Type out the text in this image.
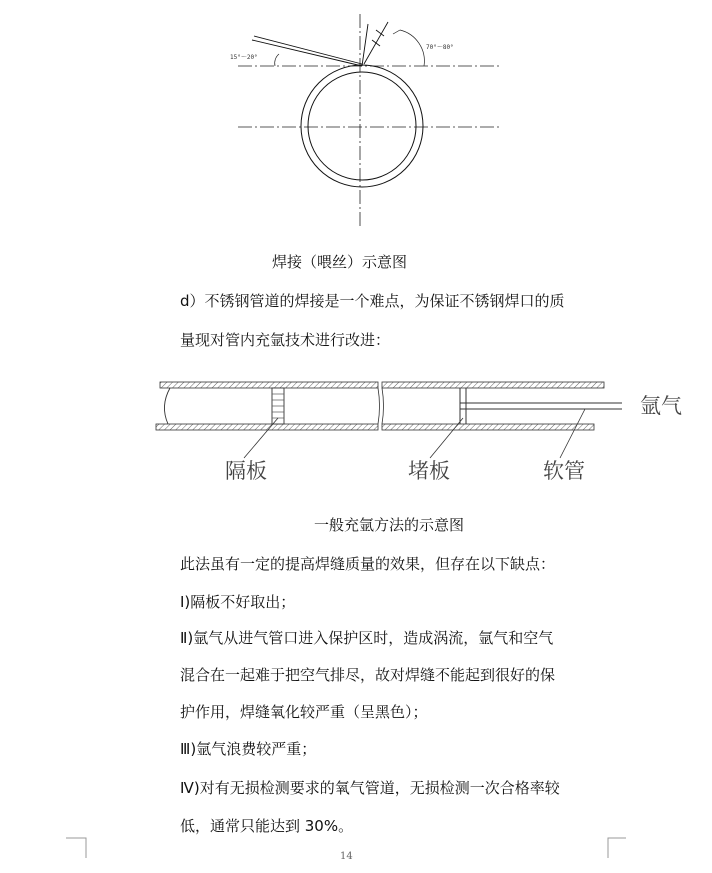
15°～20°
70°～80°
焊接（喂丝）示意图
d）不锈钢管道的焊接是一个难点，为保证不锈钢焊口的质
量现对管内充氩技术进行改进：
隔板	堵板	软管
氩气
一般充氩方法的示意图
此法虽有一定的提高焊缝质量的效果，但存在以下缺点：
Ⅰ)隔板不好取出；
Ⅱ)氩气从进气管口进入保护区时，造成涡流，氩气和空气
混合在一起难于把空气排尽，故对焊缝不能起到很好的保
护作用，焊缝氧化较严重（呈黑色）；
Ⅲ)氩气浪费较严重；
Ⅳ)对有无损检测要求的氧气管道，无损检测一次合格率较
低，通常只能达到 30%。
14
